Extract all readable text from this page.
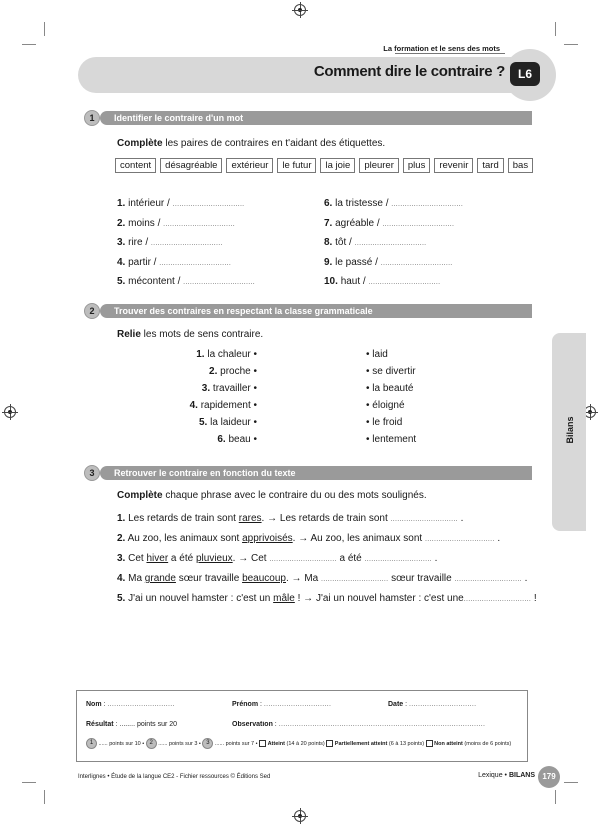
La formation et le sens des mots
Comment dire le contraire ?	L6
Bilans
Identifier le contraire d'un mot
1
Complète les paires de contraires en t'aidant des étiquettes.
content	désagréable	extérieur	le futur	la joie	pleurer	plus	revenir	tard	bas
1. intérieur / ................................
2. moins / ................................
3. rire / ................................
4. partir / ................................
5. mécontent / ................................
6. la tristesse / ................................
7. agréable / ................................
8. tôt / ................................
9. le passé / ................................
10. haut / ................................
Trouver des contraires en respectant la classe grammaticale
2
Relie les mots de sens contraire.
1. la chaleur •
2. proche •
3. travailler •
4. rapidement •
5. la laideur •
6. beau •
• laid
• se divertir
• la beauté
• éloigné
• le froid
• lentement
Retrouver le contraire en fonction du texte
3
Complète chaque phrase avec le contraire du ou des mots soulignés.
1. Les retards de train sont rares. → Les retards de train sont .............................. .
2. Au zoo, les animaux sont apprivoisés. → Au zoo, les animaux sont ............................... .
3. Cet hiver a été pluvieux. → Cet .............................. a été .............................. .
4. Ma grande sœur travaille beaucoup. → Ma .............................. sœur travaille .............................. .
5. J'ai un nouvel hamster : c'est un mâle ! → J'ai un nouvel hamster : c'est une.............................. !
Nom : ..............................	Prénom : ..............................	Date : ..............................
Résultat : ........ points sur 20	Observation : ............................................................................................
1 ...... points sur 10 • 2 ...... points sur 3 • 3 ...... points sur 7 •  Atteint (14 à 20 points) Partiellement atteint (6 à 13 points) Non atteint (moins de 6 points)
Interlignes • Étude de la langue CE2 - Fichier ressources © Éditions Sed	Lexique • BILANS 179
